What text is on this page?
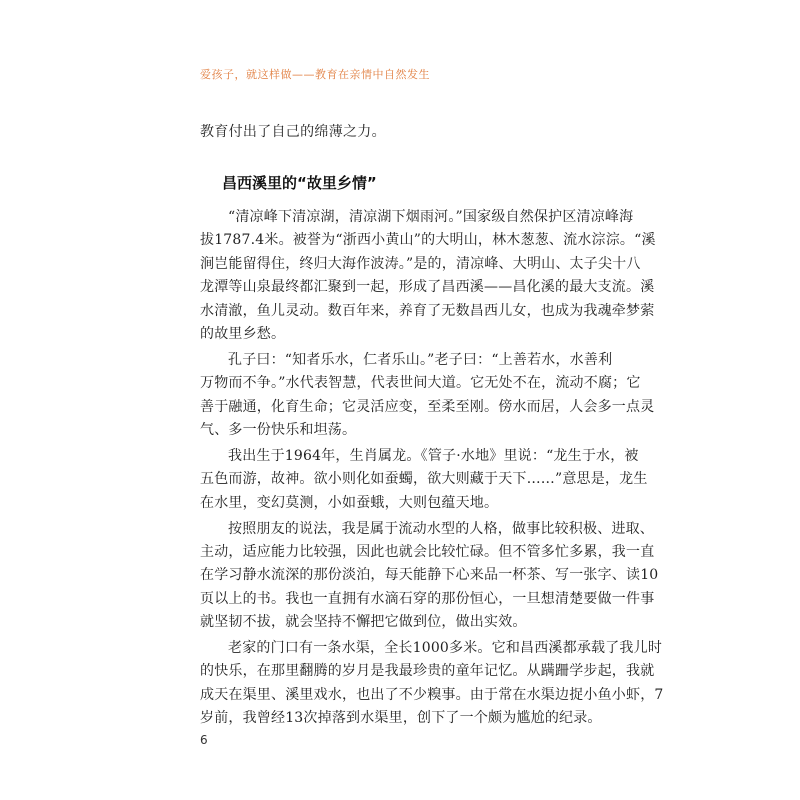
爱孩子，就这样做——教育在亲情中自然发生
教育付出了自己的绵薄之力。
昌西溪里的“故里乡情”
“清凉峰下清凉湖，清凉湖下烟雨河。”国家级自然保护区清凉峰海
拔1787.4米。被誉为“浙西小黄山”的大明山，林木葱葱、流水淙淙。“溪
涧岂能留得住，终归大海作波涛。”是的，清凉峰、大明山、太子尖十八
龙潭等山泉最终都汇聚到一起，形成了昌西溪——昌化溪的最大支流。溪
水清澈，鱼儿灵动。数百年来，养育了无数昌西儿女，也成为我魂牵梦萦
的故里乡愁。
孔子曰：“知者乐水，仁者乐山。”老子曰：“上善若水，水善利
万物而不争。”水代表智慧，代表世间大道。它无处不在，流动不腐；它
善于融通，化育生命；它灵活应变，至柔至刚。傍水而居，人会多一点灵
气、多一份快乐和坦荡。
我出生于1964年，生肖属龙。《管子·水地》里说：“龙生于水，被
五色而游，故神。欲小则化如蚕蠋，欲大则藏于天下……”意思是，龙生
在水里，变幻莫测，小如蚕蛾，大则包蕴天地。
按照朋友的说法，我是属于流动水型的人格，做事比较积极、进取、
主动，适应能力比较强，因此也就会比较忙碌。但不管多忙多累，我一直
在学习静水流深的那份淡泊，每天能静下心来品一杯茶、写一张字、读10
页以上的书。我也一直拥有水滴石穿的那份恒心，一旦想清楚要做一件事
就坚韧不拔，就会坚持不懈把它做到位，做出实效。
老家的门口有一条水渠，全长1000多米。它和昌西溪都承载了我儿时
的快乐，在那里翻腾的岁月是我最珍贵的童年记忆。从蹒跚学步起，我就
成天在渠里、溪里戏水，也出了不少糗事。由于常在水渠边捉小鱼小虾，7
岁前，我曾经13次掉落到水渠里，创下了一个颇为尴尬的纪录。
6
